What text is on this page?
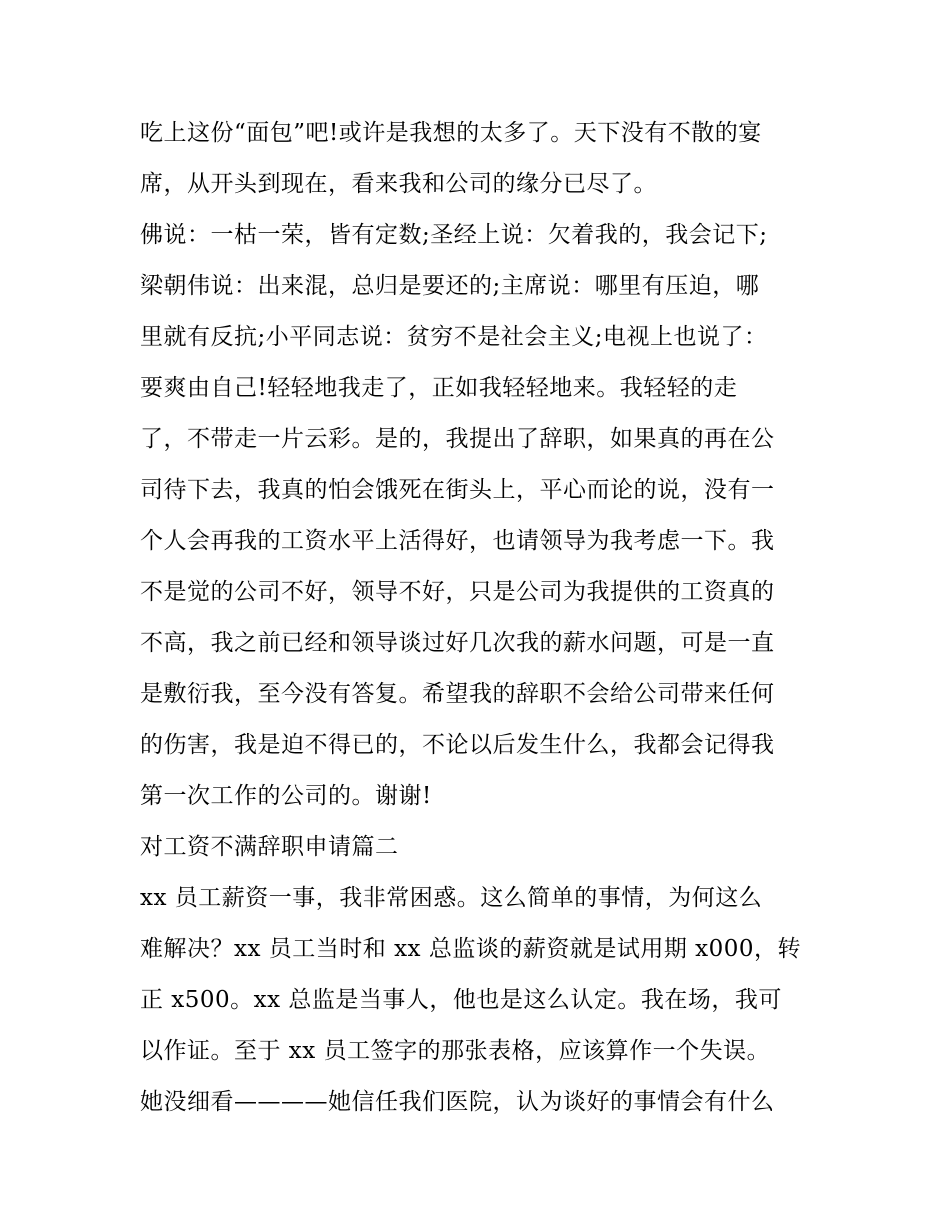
吃上这份“面包”吧!或许是我想的太多了。天下没有不散的宴
席，从开头到现在，看来我和公司的缘分已尽了。
佛说：一枯一荣，皆有定数;圣经上说：欠着我的，我会记下;
梁朝伟说：出来混，总归是要还的;主席说：哪里有压迫，哪
里就有反抗;小平同志说：贫穷不是社会主义;电视上也说了：
要爽由自己!轻轻地我走了，正如我轻轻地来。我轻轻的走
了，不带走一片云彩。是的，我提出了辞职，如果真的再在公
司待下去，我真的怕会饿死在街头上，平心而论的说，没有一
个人会再我的工资水平上活得好，也请领导为我考虑一下。我
不是觉的公司不好，领导不好，只是公司为我提供的工资真的
不高，我之前已经和领导谈过好几次我的薪水问题，可是一直
是敷衍我，至今没有答复。希望我的辞职不会给公司带来任何
的伤害，我是迫不得已的，不论以后发生什么，我都会记得我
第一次工作的公司的。谢谢!
对工资不满辞职申请篇二
xx 员工薪资一事，我非常困惑。这么简单的事情，为何这么
难解决？xx 员工当时和 xx 总监谈的薪资就是试用期 x000，转
正 x500。xx 总监是当事人，他也是这么认定。我在场，我可
以作证。至于 xx 员工签字的那张表格，应该算作一个失误。
她没细看————她信任我们医院，认为谈好的事情会有什么
